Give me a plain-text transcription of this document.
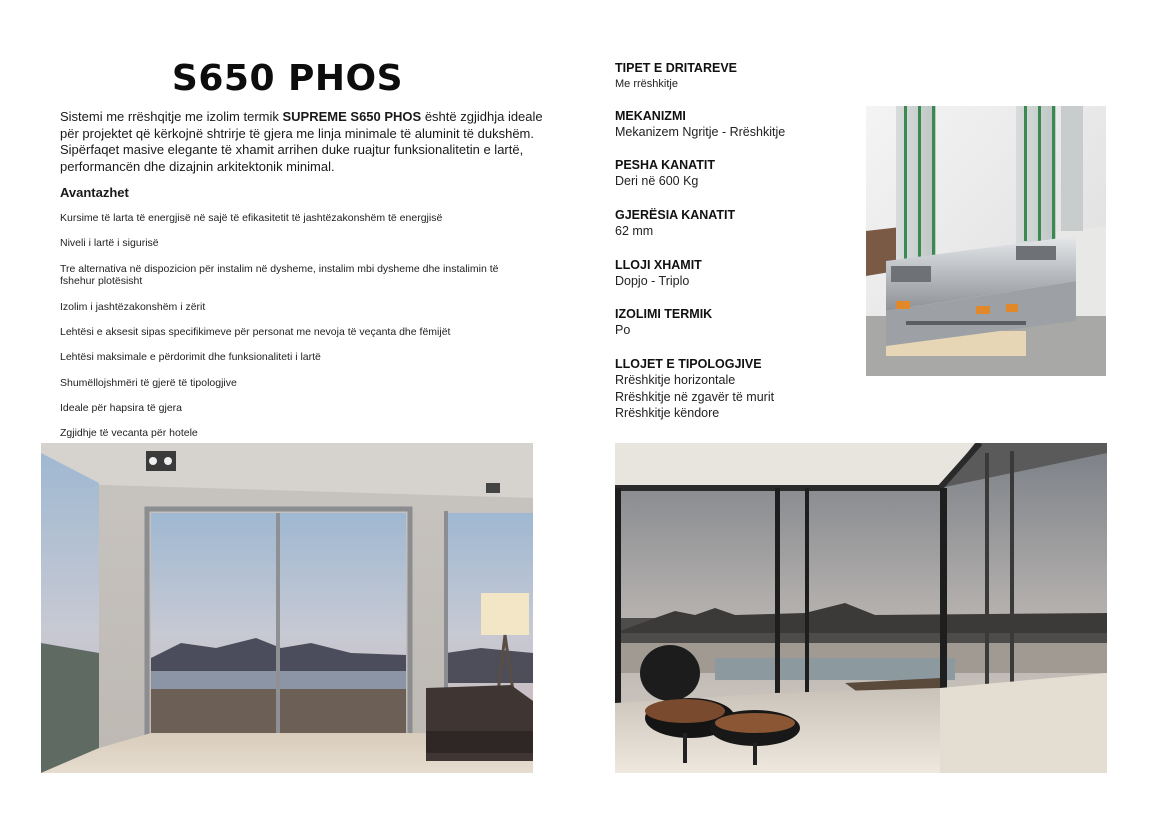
S650 PHOS
Sistemi me rrëshqitje me izolim termik SUPREME S650 PHOS është zgjidhja ideale për projektet që kërkojnë shtrirje të gjera me linja minimale të aluminit të dukshëm. Sipërfaqet masive elegante të xhamit arrihen duke ruajtur funksionalitetin e lartë, performancën dhe dizajnin arkitektonik minimal.
Avantazhet
Kursime të larta të energjisë në sajë të efikasitetit të jashtëzakonshëm të energjisë
Niveli i lartë i sigurisë
Tre alternativa në dispozicion për instalim në dysheme, instalim mbi dysheme dhe instalimin të fshehur plotësisht
Izolim i jashtëzakonshëm i zërit
Lehtësi e aksesit sipas specifikimeve për personat me nevoja të veçanta dhe fëmijët
Lehtësi maksimale e përdorimit dhe funksionaliteti i lartë
Shumëllojshmëri të gjerë të tipologjive
Ideale për hapsira të gjera
Zgjidhje të vecanta për hotele
TIPET E DRITAREVE
Me rrëshkitje
MEKANIZMI
Mekanizem Ngritje - Rrëshkitje
PESHA KANATIT
Deri në 600 Kg
GJERËSIA KANATIT
62 mm
LLOJI XHAMIT
Dopjo - Triplo
IZOLIMI TERMIK
Po
LLOJET E TIPOLOGJIVE
Rrëshkitje horizontale
Rrëshkitje në zgavër të murit
Rrëshkitje këndore
